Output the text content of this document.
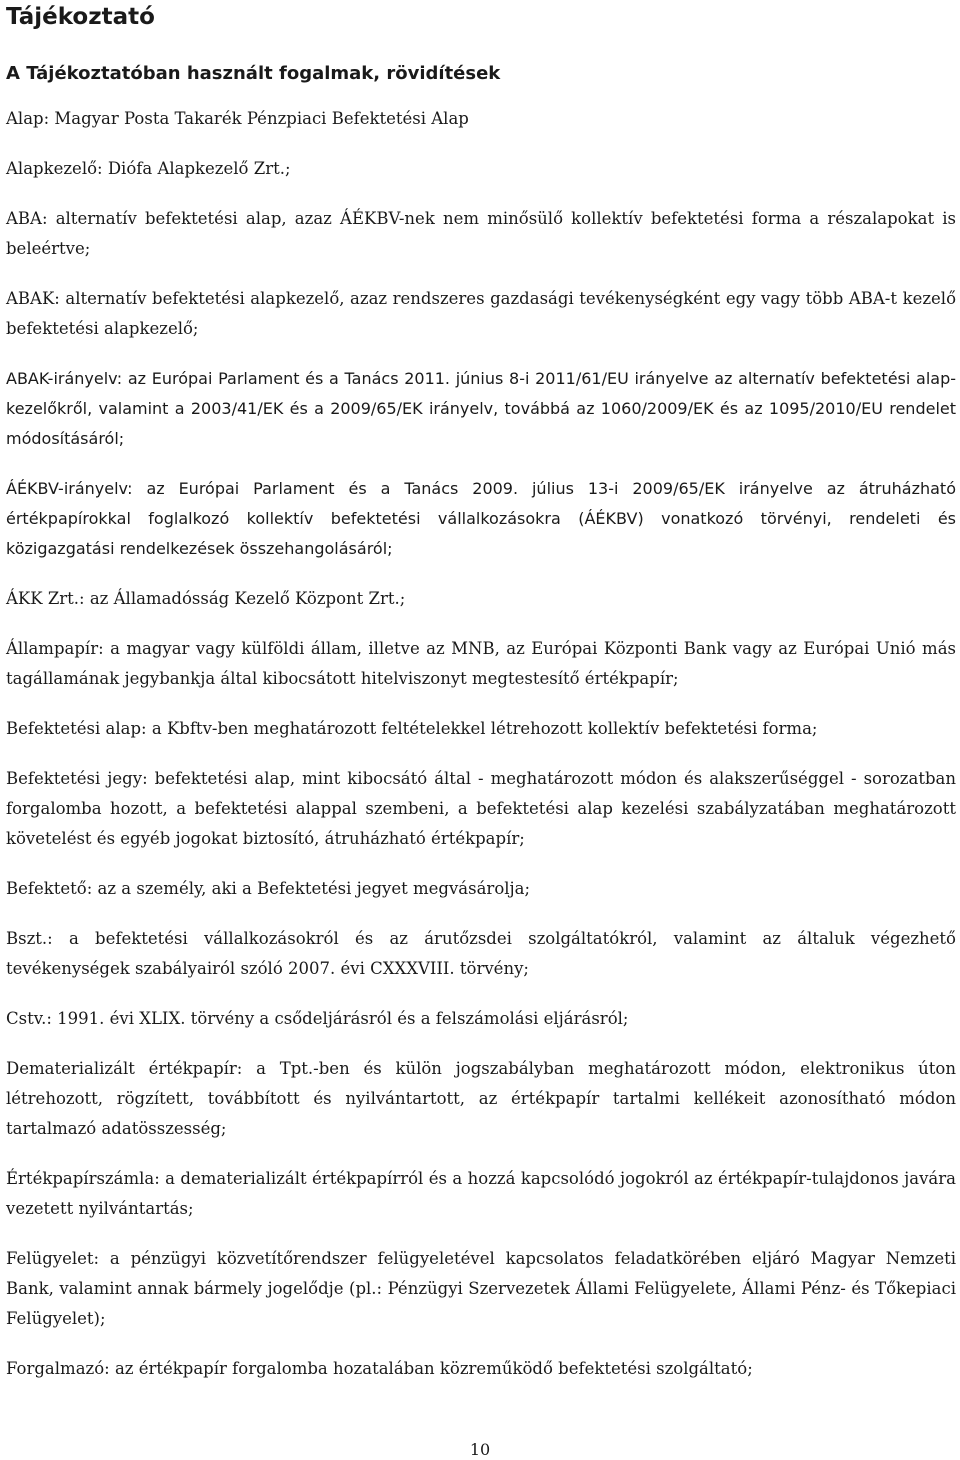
Tájékoztató
A Tájékoztatóban használt fogalmak, rövidítések

Alap: Magyar Posta Takarék Pénzpiaci Befektetési Alap

Alapkezelő: Diófa Alapkezelő Zrt.;

ABA: alternatív befektetési alap, azaz ÁÉKBV-nek nem minősülő kollektív befektetési forma a részalapokat is beleértve;

ABAK: alternatív befektetési alapkezelő, azaz rendszeres gazdasági tevékenységként egy vagy több ABA-t kezelő befektetési alapkezelő;

ABAK-irányelv: az Európai Parlament és a Tanács 2011. június 8-i 2011/61/EU irányelve az alternatív befektetési alap-kezelőkről, valamint a 2003/41/EK és a 2009/65/EK irányelv, továbbá az 1060/2009/EK és az 1095/2010/EU rendelet módosításáról;

ÁÉKBV-irányelv: az Európai Parlament és a Tanács 2009. július 13-i 2009/65/EK irányelve az átruházható értékpapírokkal foglalkozó kollektív befektetési vállalkozásokra (ÁÉKBV) vonatkozó törvényi, rendeleti és közigazgatási rendelkezések összehangolásáról;

ÁKK Zrt.: az Államadósság Kezelő Központ Zrt.;

Állampapír: a magyar vagy külföldi állam, illetve az MNB, az Európai Központi Bank vagy az Európai Unió más tagállamának jegybankja által kibocsátott hitelviszonyt megtestesítő értékpapír;

Befektetési alap: a Kbftv-ben meghatározott feltételekkel létrehozott kollektív befektetési forma;

Befektetési jegy: befektetési alap, mint kibocsátó által - meghatározott módon és alakszerűséggel - sorozatban forgalomba hozott, a befektetési alappal szembeni, a befektetési alap kezelési szabályzatában meghatározott követelést és egyéb jogokat biztosító, átruházható értékpapír;

Befektető: az a személy, aki a Befektetési jegyet megvásárolja;

Bszt.: a befektetési vállalkozásokról és az árutőzsdei szolgáltatókról, valamint az általuk végezhető tevékenységek szabályairól szóló 2007. évi CXXXVIII. törvény;

Cstv.: 1991. évi XLIX. törvény a csődeljárásról és a felszámolási eljárásról;

Dematerializált értékpapír: a Tpt.-ben és külön jogszabályban meghatározott módon, elektronikus úton létrehozott, rögzített, továbbított és nyilvántartott, az értékpapír tartalmi kellékeit azonosítható módon tartalmazó adatösszesség;

Értékpapírszámla: a dematerializált értékpapírról és a hozzá kapcsolódó jogokról az értékpapír-tulajdonos javára vezetett nyilvántartás;

Felügyelet: a pénzügyi közvetítőrendszer felügyeletével kapcsolatos feladatkörében eljáró Magyar Nemzeti Bank, valamint annak bármely jogelődje (pl.: Pénzügyi Szervezetek Állami Felügyelete, Állami Pénz- és Tőkepiaci Felügyelet);

Forgalmazó: az értékpapír forgalomba hozatalában közreműködő befektetési szolgáltató;

10
